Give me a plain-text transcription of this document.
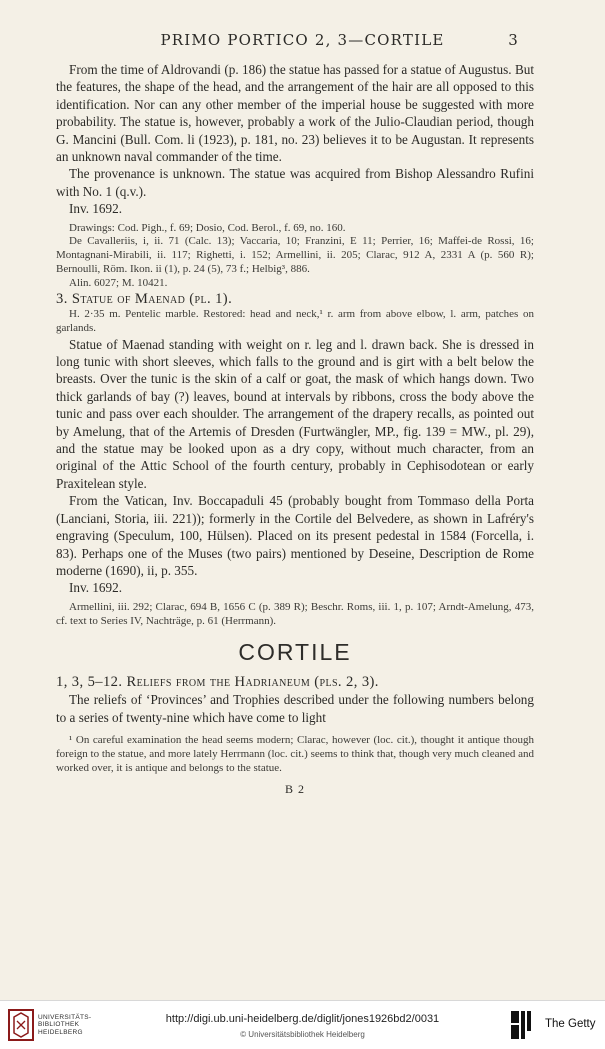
PRIMO PORTICO 2, 3—CORTILE	3

From the time of Aldrovandi (p. 186) the statue has passed for a statue of Augustus. But the features, the shape of the head, and the arrangement of the hair are all opposed to this identification. Nor can any other member of the imperial house be suggested with more probability. The statue is, however, probably a work of the Julio-Claudian period, though G. Mancini (Bull. Com. li (1923), p. 181, no. 23) believes it to be Augustan. It represents an unknown naval commander of the time.

The provenance is unknown. The statue was acquired from Bishop Alessandro Rufini with No. 1 (q.v.).

Inv. 1692.

Drawings: Cod. Pigh., f. 69; Dosio, Cod. Berol., f. 69, no. 160.

De Cavalleriis, i, ii. 71 (Calc. 13); Vaccaria, 10; Franzini, E 11; Perrier, 16; Maffei-de Rossi, 16; Montagnani-Mirabili, ii. 117; Righetti, i. 152; Armellini, ii. 205; Clarac, 912 A, 2331 A (p. 560 R); Bernoulli, Röm. Ikon. ii (1), p. 24 (5), 73 f.; Helbig³, 886.

Alin. 6027; M. 10421.

3. Statue of Maenad (pl. 1).

H. 2·35 m. Pentelic marble. Restored: head and neck,¹ r. arm from above elbow, l. arm, patches on garlands.

Statue of Maenad standing with weight on r. leg and l. drawn back. She is dressed in long tunic with short sleeves, which falls to the ground and is girt with a belt below the breasts. Over the tunic is the skin of a calf or goat, the mask of which hangs down. Two thick garlands of bay (?) leaves, bound at intervals by ribbons, cross the body above the tunic and pass over each shoulder. The arrangement of the drapery recalls, as pointed out by Amelung, that of the Artemis of Dresden (Furtwängler, MP., fig. 139 = MW., pl. 29), and the statue may be looked upon as a dry copy, without much character, from an original of the Attic School of the fourth century, probably in Cephisodotean or early Praxitelean style.

From the Vatican, Inv. Boccapaduli 45 (probably bought from Tommaso della Porta (Lanciani, Storia, iii. 221)); formerly in the Cortile del Belvedere, as shown in Lafréry's engraving (Speculum, 100, Hülsen). Placed on its present pedestal in 1584 (Forcella, i. 83). Perhaps one of the Muses (two pairs) mentioned by Deseine, Description de Rome moderne (1690), ii, p. 355.

Inv. 1692.

Armellini, iii. 292; Clarac, 694 B, 1656 C (p. 389 R); Beschr. Roms, iii. 1, p. 107; Arndt-Amelung, 473, cf. text to Series IV, Nachträge, p. 61 (Herrmann).

CORTILE

1, 3, 5–12. Reliefs from the Hadrianeum (pls. 2, 3).

The reliefs of ‘Provinces’ and Trophies described under the following numbers belong to a series of twenty-nine which have come to light

¹ On careful examination the head seems modern; Clarac, however (loc. cit.), thought it antique though foreign to the statue, and more lately Herrmann (loc. cit.) seems to think that, though very much cleaned and worked over, it is antique and belongs to the statue.

B 2
UNIVERSITÄTS-
BIBLIOTHEK
HEIDELBERG
http://digi.ub.uni-heidelberg.de/diglit/jones1926bd2/0031
© Universitätsbibliothek Heidelberg
The Getty
